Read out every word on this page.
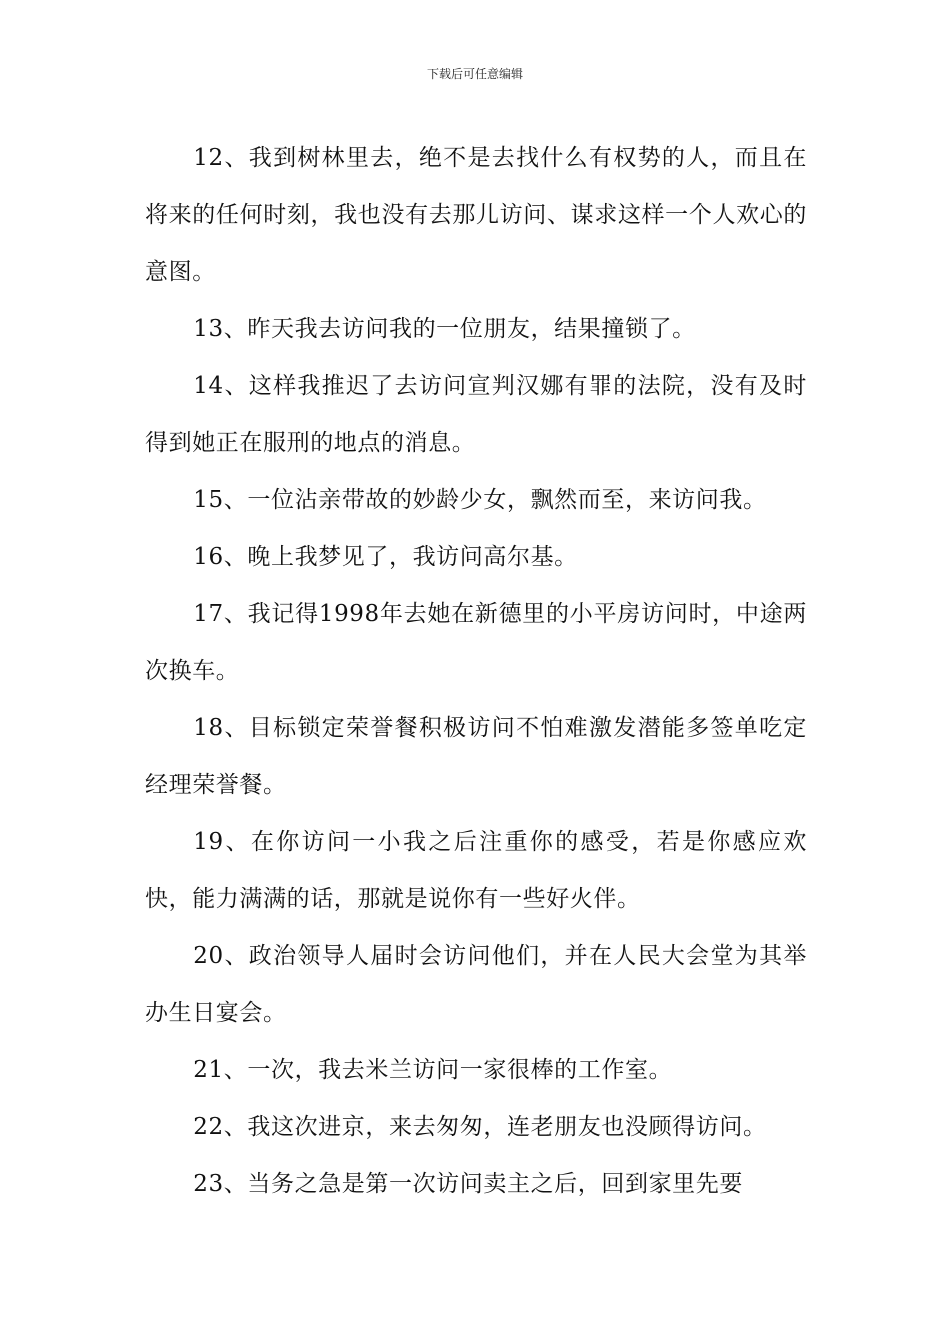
下载后可任意编辑

12、我到树林里去，绝不是去找什么有权势的人，而且在将来的任何时刻，我也没有去那儿访问、谋求这样一个人欢心的意图。

13、昨天我去访问我的一位朋友，结果撞锁了。

14、这样我推迟了去访问宣判汉娜有罪的法院，没有及时得到她正在服刑的地点的消息。

15、一位沾亲带故的妙龄少女，飘然而至，来访问我。

16、晚上我梦见了，我访问高尔基。

17、我记得1998年去她在新德里的小平房访问时，中途两次换车。

18、目标锁定荣誉餐积极访问不怕难激发潜能多签单吃定经理荣誉餐。

19、在你访问一小我之后注重你的感受，若是你感应欢快，能力满满的话，那就是说你有一些好火伴。

20、政治领导人届时会访问他们，并在人民大会堂为其举办生日宴会。

21、一次，我去米兰访问一家很棒的工作室。

22、我这次进京，来去匆匆，连老朋友也没顾得访问。

23、当务之急是第一次访问卖主之后，回到家里先要
